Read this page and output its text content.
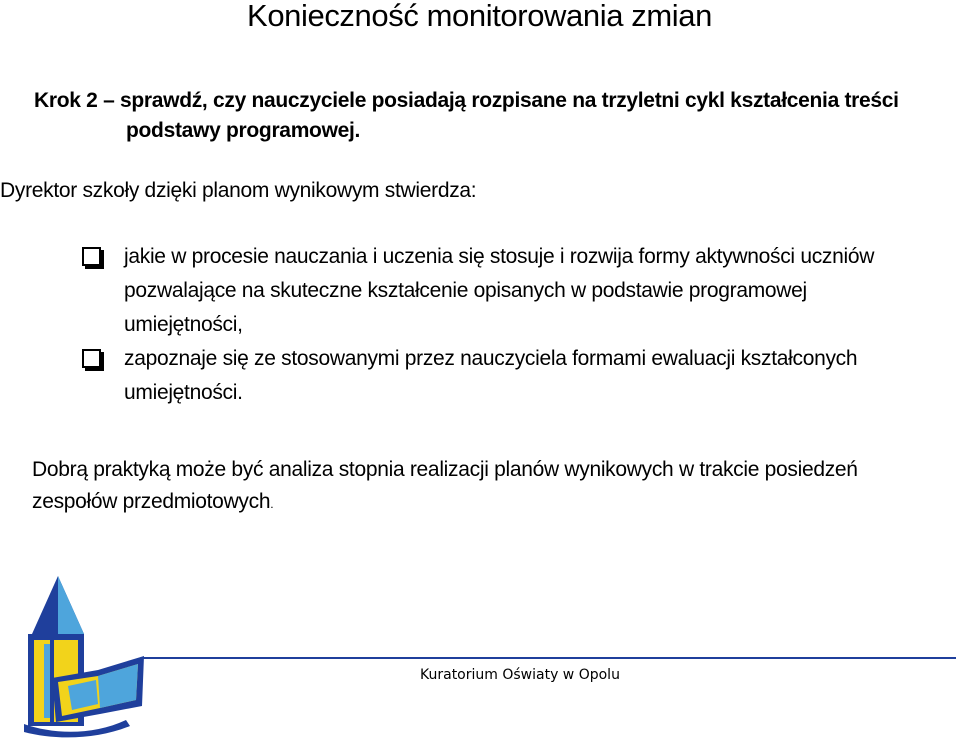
Konieczność monitorowania zmian
Krok 2 – sprawdź, czy nauczyciele posiadają rozpisane na trzyletni cykl kształcenia treści
podstawy programowej.
Dyrektor szkoły dzięki planom wynikowym stwierdza:
jakie w procesie nauczania i uczenia się stosuje i rozwija formy aktywności uczniów
pozwalające na skuteczne kształcenie opisanych w podstawie programowej
umiejętności,
zapoznaje się ze stosowanymi przez nauczyciela formami ewaluacji kształconych
umiejętności.
Dobrą praktyką może być analiza stopnia realizacji planów wynikowych w trakcie posiedzeń
zespołów przedmiotowych.
Kuratorium Oświaty w Opolu
